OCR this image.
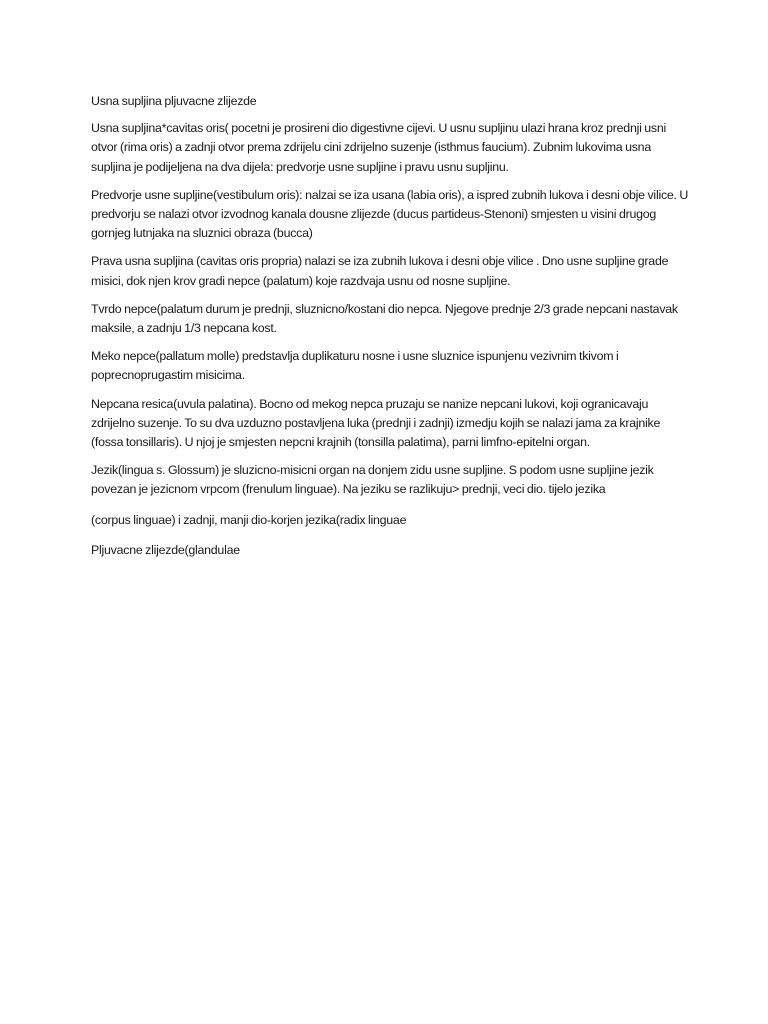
Usna supljina pljuvacne zlijezde

Usna supljina*cavitas oris( pocetni je prosireni dio digestivne cijevi. U usnu supljinu ulazi hrana kroz prednji usni otvor (rima oris) a zadnji otvor prema zdrijelu cini zdrijelno suzenje (isthmus faucium). Zubnim lukovima usna supljina je podijeljena na dva dijela: predvorje usne supljine i pravu usnu supljinu.

Predvorje usne supljine(vestibulum oris): nalzai se iza usana (labia oris), a ispred zubnih lukova i desni obje vilice. U predvorju se nalazi otvor izvodnog kanala dousne zlijezde (ducus partideus-Stenoni) smjesten u visini drugog gornjeg lutnjaka na sluznici obraza (bucca)

Prava usna supljina (cavitas oris propria) nalazi se iza zubnih lukova i desni obje vilice . Dno usne supljine grade misici, dok njen krov gradi nepce (palatum) koje razdvaja usnu od nosne supljine.

Tvrdo nepce(palatum durum je prednji, sluznicno/kostani dio nepca. Njegove prednje 2/3 grade nepcani nastavak maksile, a zadnju 1/3 nepcana kost.

Meko nepce(pallatum molle) predstavlja duplikaturu nosne i usne sluznice ispunjenu vezivnim tkivom i poprecnoprugastim misicima.

Nepcana resica(uvula palatina). Bocno od mekog nepca pruzaju se nanize nepcani lukovi, koji ogranicavaju zdrijelno suzenje. To su dva uzduzno postavljena luka (prednji i zadnji) izmedju kojih se nalazi jama za krajnike (fossa tonsillaris). U njoj je smjesten nepcni krajnih (tonsilla palatima), parni limfno-epitelni organ.

Jezik(lingua s. Glossum) je sluzicno-misicni organ na donjem zidu usne supljine. S podom usne supljine jezik povezan je jezicnom vrpcom (frenulum linguae). Na jeziku se razlikuju> prednji, veci dio. tijelo jezika

(corpus linguae) i zadnji, manji dio-korjen jezika(radix linguae

Pljuvacne zlijezde(glandulae
